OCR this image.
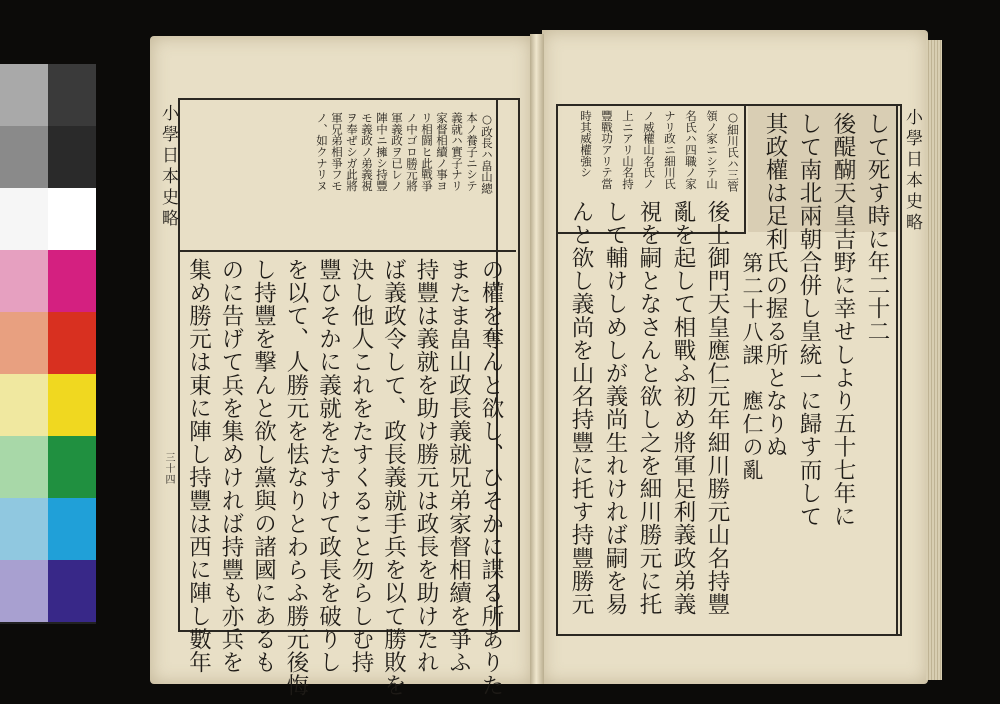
小學日本史略
三十四
○政長ハ畠山總
本ノ養子ニシテ
義就ハ實子ナリ
家督相續ノ事ヨ
リ相闘ヒ此戰爭
ノ中ゴロ勝元將
軍義政ヲ已レノ
陣中ニ擁シ持豐
モ義政ノ弟義視
ヲ奉ぜシガ此將
軍兄弟相爭フモ
ノ、如クナリヌ
の權を奪んと欲し、ひそかに謀る所ありた
またま畠山政長義就兄弟家督相續を爭ふ
持豐は義就を助け勝元は政長を助けたれ
ば義政令して、政長義就手兵を以て勝敗を
決し他人これをたすくること勿らしむ持
豐ひそかに義就をたすけて政長を破りし
を以て、人勝元を怯なりとわらふ勝元後悔
し持豐を撃んと欲し黨與の諸國にあるも
のに告げて兵を集めければ持豐も亦兵を
集め勝元は東に陣し持豐は西に陣し數年
小學日本史略
○細川氏ハ三管
領ノ家ニシテ山
名氏ハ四職ノ家
ナリ政ニ細川氏
ノ威權山名氏ノ
上ニアリ山名持
豐戰功アリテ當
時其威權強シ	して死す時に年二十二
後醍醐天皇吉野に幸せしより五十七年に
して南北兩朝合併し皇統一に歸す而して
其政權は足利氏の握る所となりぬ
第二十八課　應仁の亂
後土御門天皇應仁元年細川勝元山名持豐
亂を起して相戰ふ初め將軍足利義政弟義
視を嗣となさんと欲し之を細川勝元に托
して輔けしめしが義尚生れければ嗣を易
んと欲し義尚を山名持豐に托す持豐勝元
